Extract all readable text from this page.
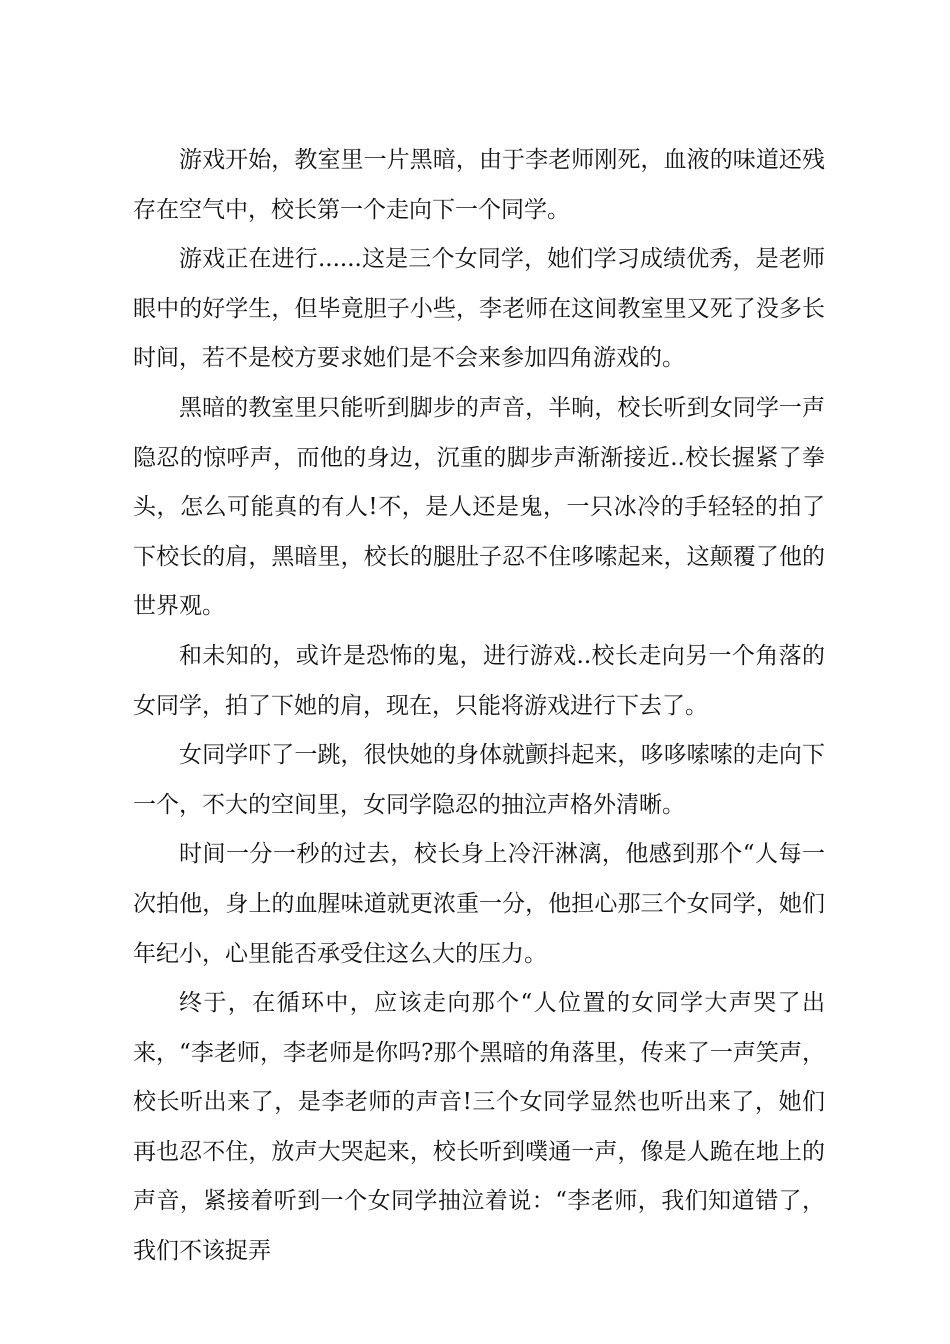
游戏开始，教室里一片黑暗，由于李老师刚死，血液的味道还残存在空气中，校长第一个走向下一个同学。

游戏正在进行......这是三个女同学，她们学习成绩优秀，是老师眼中的好学生，但毕竟胆子小些，李老师在这间教室里又死了没多长时间，若不是校方要求她们是不会来参加四角游戏的。

黑暗的教室里只能听到脚步的声音，半晌，校长听到女同学一声隐忍的惊呼声，而他的身边，沉重的脚步声渐渐接近..校长握紧了拳头，怎么可能真的有人!不，是人还是鬼，一只冰冷的手轻轻的拍了下校长的肩，黑暗里，校长的腿肚子忍不住哆嗦起来，这颠覆了他的世界观。

和未知的，或许是恐怖的鬼，进行游戏..校长走向另一个角落的女同学，拍了下她的肩，现在，只能将游戏进行下去了。

女同学吓了一跳，很快她的身体就颤抖起来，哆哆嗦嗦的走向下一个，不大的空间里，女同学隐忍的抽泣声格外清晰。

时间一分一秒的过去，校长身上冷汗淋漓，他感到那个“人每一次拍他，身上的血腥味道就更浓重一分，他担心那三个女同学，她们年纪小，心里能否承受住这么大的压力。

终于，在循环中，应该走向那个“人位置的女同学大声哭了出来，“李老师，李老师是你吗?那个黑暗的角落里，传来了一声笑声，校长听出来了，是李老师的声音!三个女同学显然也听出来了，她们再也忍不住，放声大哭起来，校长听到噗通一声，像是人跪在地上的声音，紧接着听到一个女同学抽泣着说：“李老师，我们知道错了，我们不该捉弄
